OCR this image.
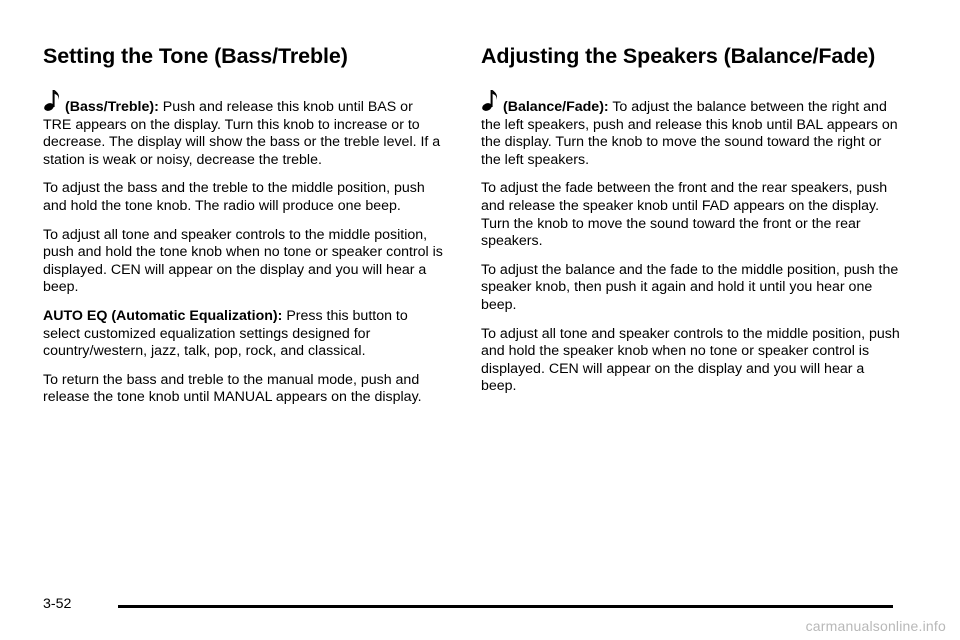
Setting the Tone (Bass/Treble)

(Bass/Treble): Push and release this knob until BAS or TRE appears on the display. Turn this knob to increase or to decrease. The display will show the bass or the treble level. If a station is weak or noisy, decrease the treble.

To adjust the bass and the treble to the middle position, push and hold the tone knob. The radio will produce one beep.

To adjust all tone and speaker controls to the middle position, push and hold the tone knob when no tone or speaker control is displayed. CEN will appear on the display and you will hear a beep.

AUTO EQ (Automatic Equalization): Press this button to select customized equalization settings designed for country/western, jazz, talk, pop, rock, and classical.

To return the bass and treble to the manual mode, push and release the tone knob until MANUAL appears on the display.

Adjusting the Speakers (Balance/Fade)

(Balance/Fade): To adjust the balance between the right and the left speakers, push and release this knob until BAL appears on the display. Turn the knob to move the sound toward the right or the left speakers.

To adjust the fade between the front and the rear speakers, push and release the speaker knob until FAD appears on the display. Turn the knob to move the sound toward the front or the rear speakers.

To adjust the balance and the fade to the middle position, push the speaker knob, then push it again and hold it until you hear one beep.

To adjust all tone and speaker controls to the middle position, push and hold the speaker knob when no tone or speaker control is displayed. CEN will appear on the display and you will hear a beep.

3-52
carmanualsonline.info
